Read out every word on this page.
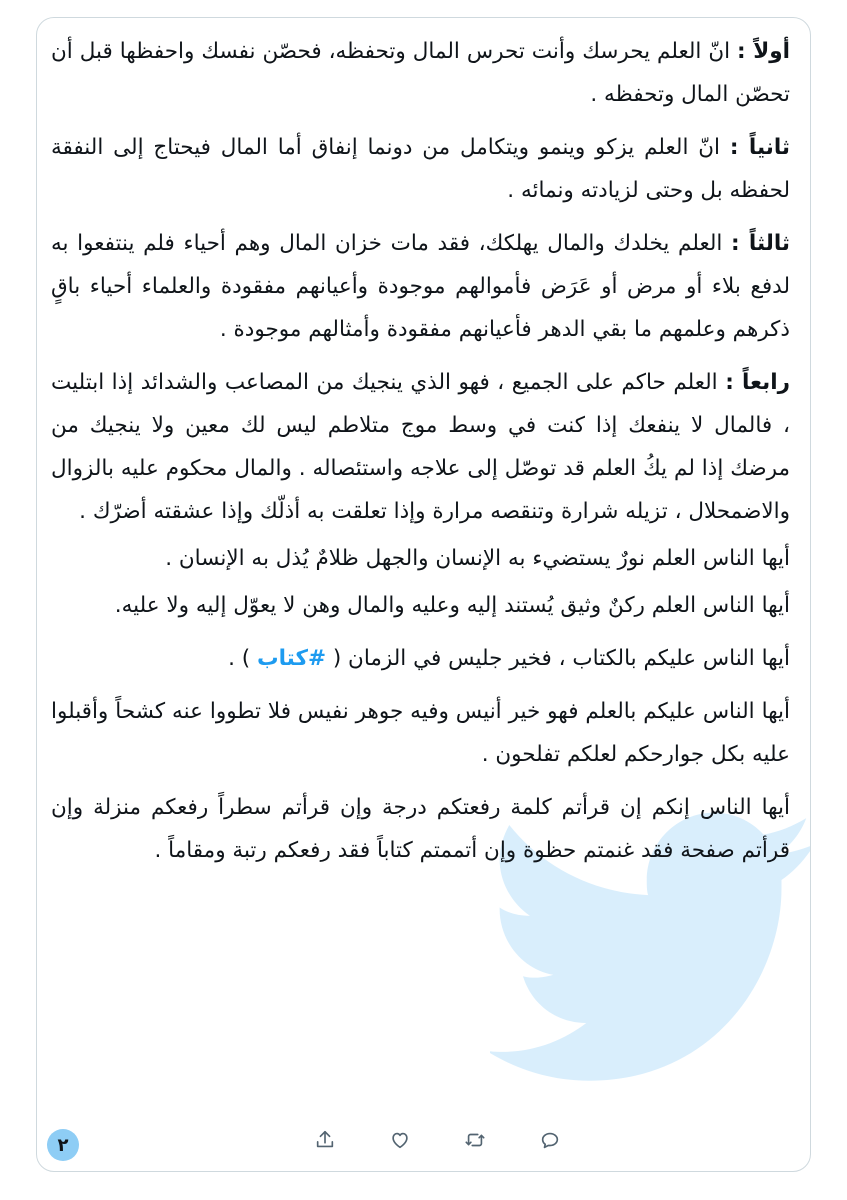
أولاً : انّ العلم يحرسك وأنت تحرس المال وتحفظه، فحصّن نفسك واحفظها قبل أن تحصّن المال وتحفظه .

ثانياً : انّ العلم يزكو وينمو ويتكامل من دونما إنفاق أما المال فيحتاج إلى النفقة لحفظه بل وحتى لزيادته ونمائه .

ثالثاً : العلم يخلدك والمال يهلكك، فقد مات خزان المال وهم أحياء فلم ينتفعوا به لدفع بلاء أو مرض أو عَرَض فأموالهم موجودة وأعيانهم مفقودة والعلماء أحياء باقٍ ذكرهم وعلمهم ما بقي الدهر فأعيانهم مفقودة وأمثالهم موجودة .

رابعاً : العلم حاكم على الجميع ، فهو الذي ينجيك من المصاعب والشدائد إذا ابتليت ، فالمال لا ينفعك إذا كنت في وسط موج متلاطم ليس لك معين ولا ينجيك من مرضك إذا لم يكُ العلم قد توصّل إلى علاجه واستئصاله . والمال محكوم عليه بالزوال والاضمحلال ، تزيله شرارة وتنقصه مرارة وإذا تعلقت به أذلّك وإذا عشقته أضرّك .

أيها الناس العلم نورٌ يستضيء به الإنسان والجهل ظلامٌ يُذل به الإنسان .

أيها الناس العلم ركنٌ وثيق يُستند إليه وعليه والمال وهن لا يعوّل إليه ولا عليه.

أيها الناس عليكم بالكتاب ، فخير جليس في الزمان ( #كتاب ) .

أيها الناس عليكم بالعلم فهو خير أنيس وفيه جوهر نفيس فلا تطووا عنه كشحاً وأقبلوا عليه بكل جوارحكم لعلكم تفلحون .

أيها الناس إنكم إن قرأتم كلمة رفعتكم درجة وإن قرأتم سطراً رفعكم منزلة وإن قرأتم صفحة فقد غنمتم حظوة وإن أتممتم كتاباً فقد رفعكم رتبة ومقاماً .

٢
